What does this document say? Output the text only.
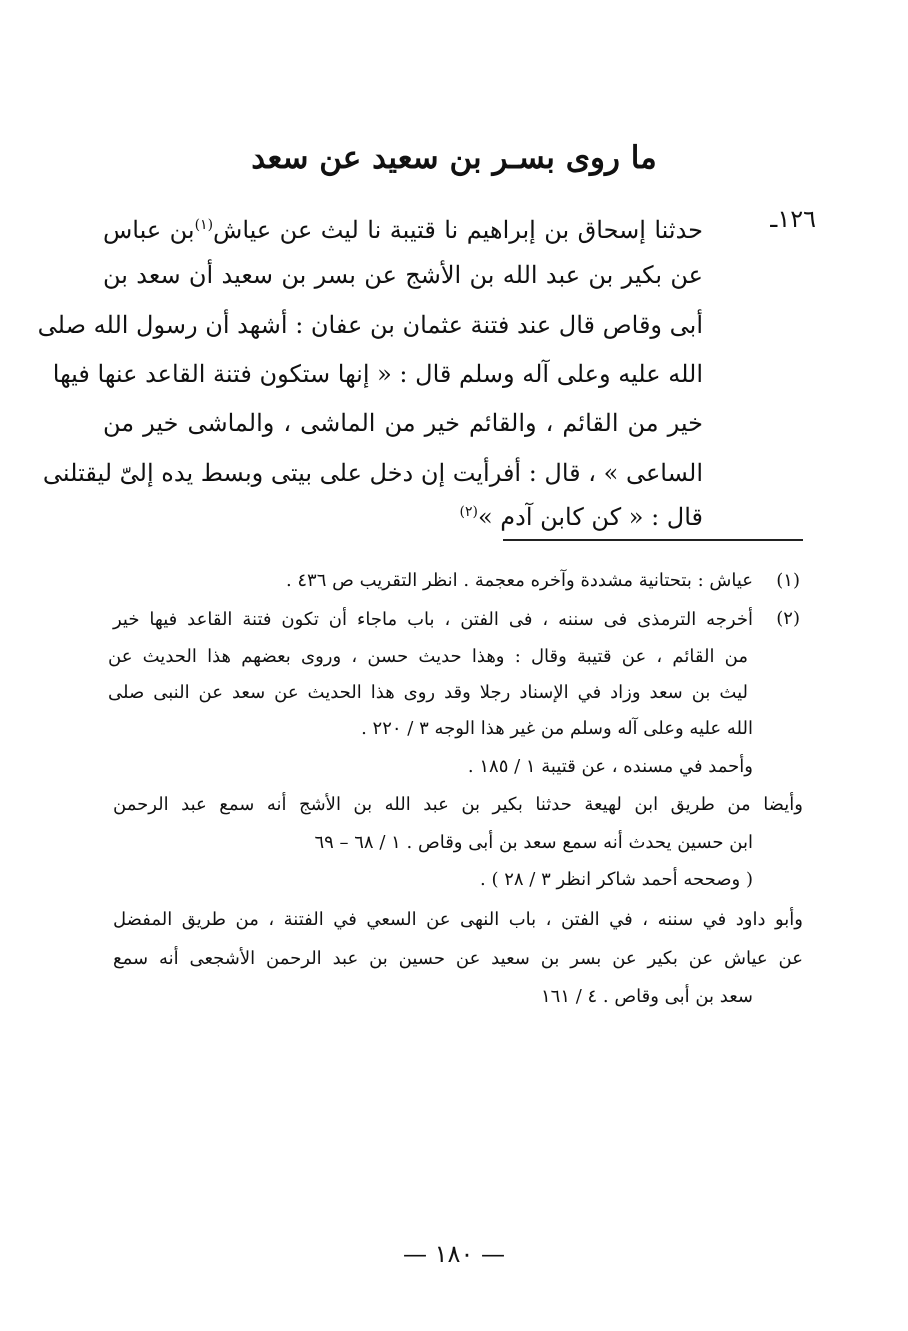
ما روى بسـر بن سعيد عن سعد
١٢٦ـ
حدثنا إسحاق بن إبراهيم نا قتيبة نا ليث عن عياش$^{(١)}$بن عباس
عن بكير بن عبد الله بن الأشج عن بسر بن سعيد أن سعد بن
أبى وقاص قال عند فتنة عثمان بن عفان : أشهد أن رسول الله صلى
الله عليه وعلى آله وسلم قال : « إنها ستكون فتنة القاعد عنها فيها
خير من القائم ، والقائم خير من الماشى ، والماشى خير من
الساعى » ، قال : أفرأيت إن دخل على بيتى وبسط يده إلىّ ليقتلنى
قال : « كن كابن آدم »$^{(٢)}$
(١)
عياش : بتحتانية مشددة وآخره معجمة . انظر التقريب ص ٤٣٦ .
(٢)
أخرجه الترمذى فى سننه ، فى الفتن ، باب ماجاء أن تكون فتنة القاعد فيها خير
من القائم ، عن قتيبة وقال : وهذا حديث حسن ، وروى بعضهم هذا الحديث عن
ليث بن سعد وزاد في الإسناد رجلا وقد روى هذا الحديث عن سعد عن النبى صلى
الله عليه وعلى آله وسلم من غير هذا الوجه ٣ / ٢٢٠ .
وأحمد في مسنده ، عن قتيبة ١ / ١٨٥ .
وأيضا من طريق ابن لهيعة حدثنا بكير بن عبد الله بن الأشج أنه سمع عبد الرحمن
ابن حسين يحدث أنه سمع سعد بن أبى وقاص . ١ / ٦٨ – ٦٩
( وصححه أحمد شاكر انظر ٣ / ٢٨ ) .
وأبو داود في سننه ، في الفتن ، باب النهى عن السعي في الفتنة ، من طريق المفضل
عن عياش عن بكير عن بسر بن سعيد عن حسين بن عبد الرحمن الأشجعى أنه سمع
سعد بن أبى وقاص . ٤ / ١٦١
— ١٨٠ —
